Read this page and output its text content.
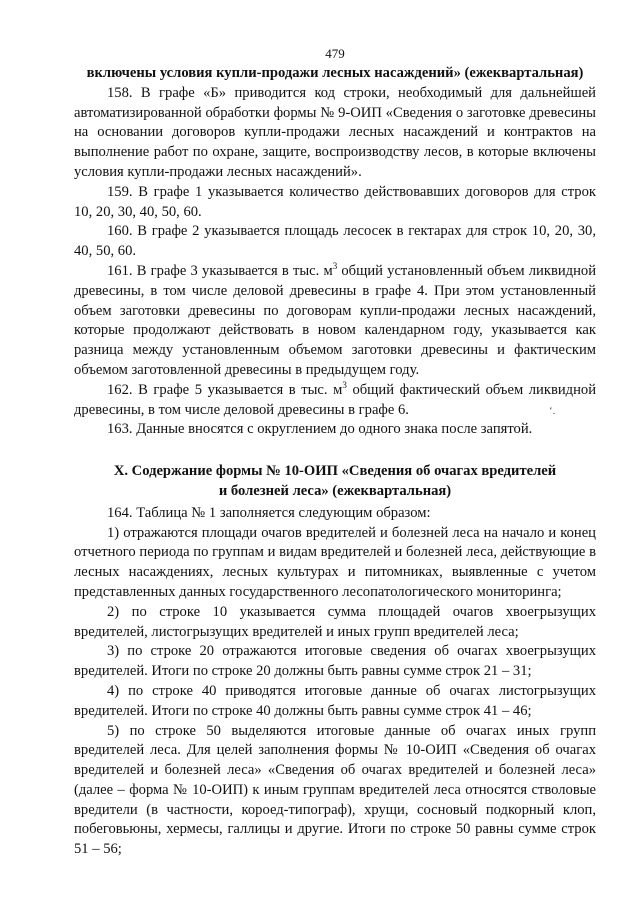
479

включены условия купли-продажи лесных насаждений» (ежеквартальная)

158. В графе «Б» приводится код строки, необходимый для дальнейшей автоматизированной обработки формы № 9-ОИП «Сведения о заготовке древесины на основании договоров купли-продажи лесных насаждений и контрактов на выполнение работ по охране, защите, воспроизводству лесов, в которые включены условия купли-продажи лесных насаждений».

159. В графе 1 указывается количество действовавших договоров для строк 10, 20, 30, 40, 50, 60.

160. В графе 2 указывается площадь лесосек в гектарах для строк 10, 20, 30, 40, 50, 60.

161. В графе 3 указывается в тыс. $м^3$ общий установленный объем ликвидной древесины, в том числе деловой древесины в графе 4. При этом установленный объем заготовки древесины по договорам купли-продажи лесных насаждений, которые продолжают действовать в новом календарном году, указывается как разница между установленным объемом заготовки древесины и фактическим объемом заготовленной древесины в предыдущем году.

162. В графе 5 указывается в тыс. $м^3$ общий фактический объем ликвидной древесины, в том числе деловой древесины в графе 6.

163. Данные вносятся с округлением до одного знака после запятой.

X. Содержание формы № 10-ОИП «Сведения об очагах вредителей
и болезней леса» (ежеквартальная)

164. Таблица № 1 заполняется следующим образом:

1) отражаются площади очагов вредителей и болезней леса на начало и конец отчетного периода по группам и видам вредителей и болезней леса, действующие в лесных насаждениях, лесных культурах и питомниках, выявленные с учетом представленных данных государственного лесопатологического мониторинга;

2) по строке 10 указывается сумма площадей очагов хвоегрызущих вредителей, листогрызущих вредителей и иных групп вредителей леса;

3) по строке 20 отражаются итоговые сведения об очагах хвоегрызущих вредителей. Итоги по строке 20 должны быть равны сумме строк 21 – 31;

4) по строке 40 приводятся итоговые данные об очагах листогрызущих вредителей. Итоги по строке 40 должны быть равны сумме строк 41 – 46;

5) по строке 50 выделяются итоговые данные об очагах иных групп вредителей леса. Для целей заполнения формы № 10-ОИП «Сведения об очагах вредителей и болезней леса» «Сведения об очагах вредителей и болезней леса» (далее – форма № 10-ОИП) к иным группам вредителей леса относятся стволовые вредители (в частности, короед-типограф), хрущи, сосновый подкорный клоп, побеговьюны, хермесы, галлицы и другие. Итоги по строке 50 равны сумме строк 51 – 56;

‘.
